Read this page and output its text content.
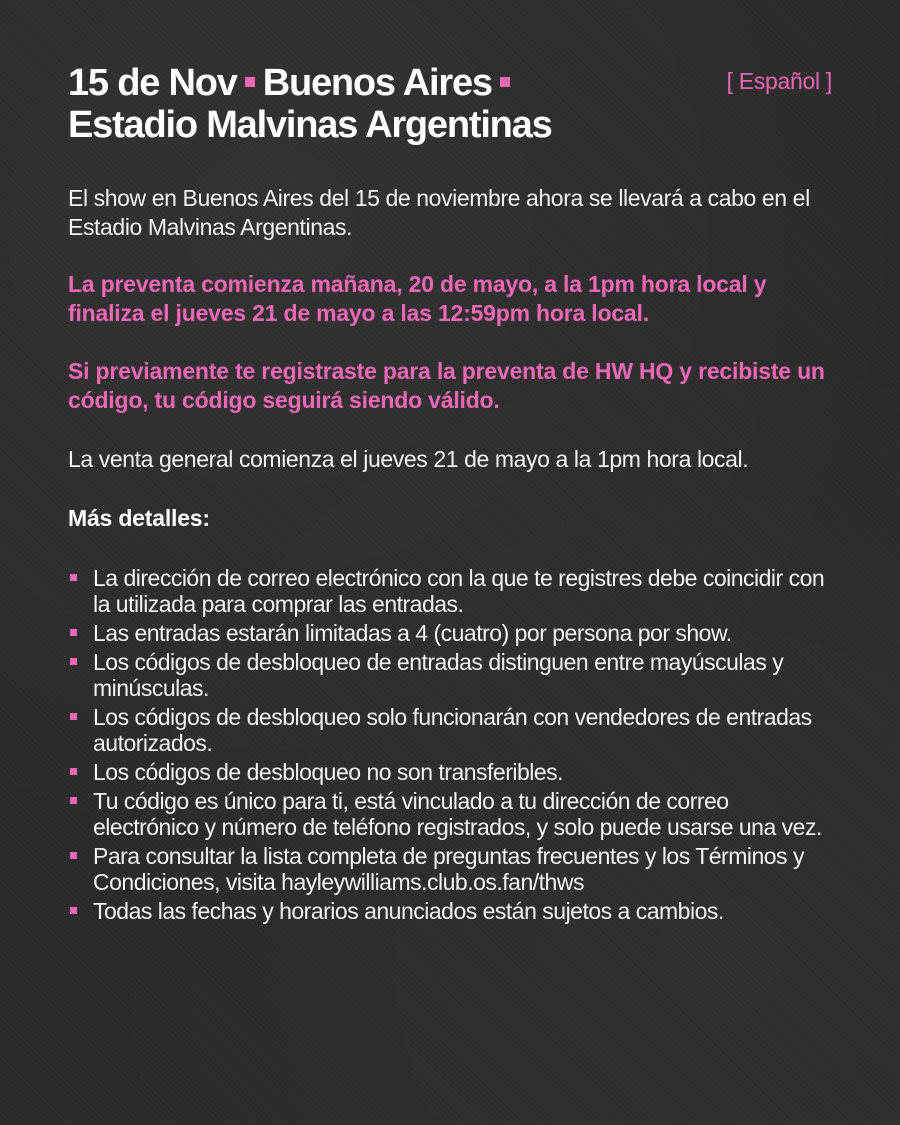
15 de Nov Buenos Aires
Estadio Malvinas Argentinas
[ Español ]

El show en Buenos Aires del 15 de noviembre ahora se llevará a cabo en el Estadio Malvinas Argentinas.

La preventa comienza mañana, 20 de mayo, a la 1pm hora local y finaliza el jueves 21 de mayo a las 12:59pm hora local.

Si previamente te registraste para la preventa de HW HQ y recibiste un código, tu código seguirá siendo válido.

La venta general comienza el jueves 21 de mayo a la 1pm hora local.

Más detalles:
La dirección de correo electrónico con la que te registres debe coincidir con la utilizada para comprar las entradas.
Las entradas estarán limitadas a 4 (cuatro) por persona por show.
Los códigos de desbloqueo de entradas distinguen entre mayúsculas y minúsculas.
Los códigos de desbloqueo solo funcionarán con vendedores de entradas autorizados.
Los códigos de desbloqueo no son transferibles.
Tu código es único para ti, está vinculado a tu dirección de correo electrónico y número de teléfono registrados, y solo puede usarse una vez.
Para consultar la lista completa de preguntas frecuentes y los Términos y Condiciones, visita hayleywilliams.club.os.fan/thws
Todas las fechas y horarios anunciados están sujetos a cambios.
